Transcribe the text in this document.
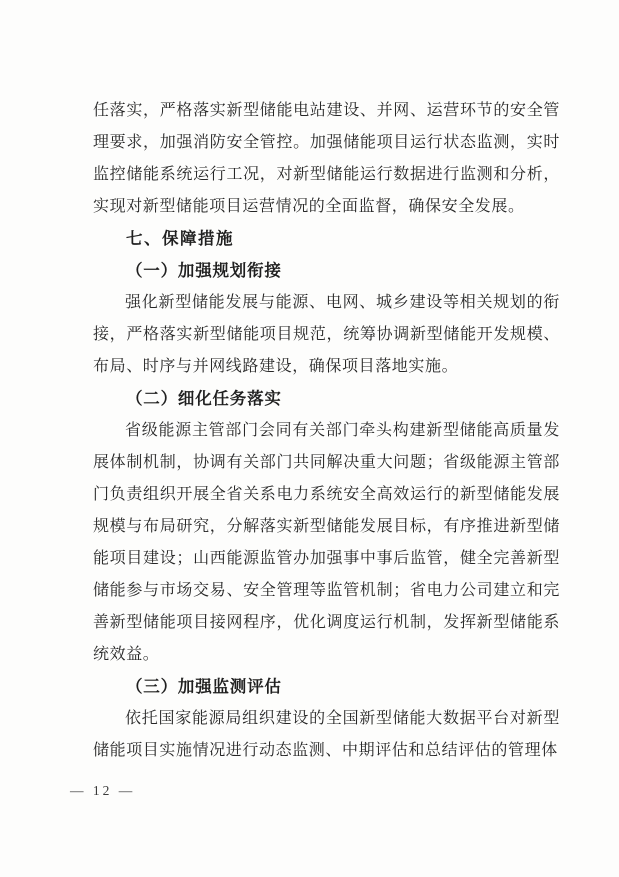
任落实，严格落实新型储能电站建设、并网、运营环节的安全管理要求，加强消防安全管控。加强储能项目运行状态监测，实时监控储能系统运行工况，对新型储能运行数据进行监测和分析，实现对新型储能项目运营情况的全面监督，确保安全发展。

七、保障措施
（一）加强规划衔接

强化新型储能发展与能源、电网、城乡建设等相关规划的衔接，严格落实新型储能项目规范，统筹协调新型储能开发规模、布局、时序与并网线路建设，确保项目落地实施。

（二）细化任务落实

省级能源主管部门会同有关部门牵头构建新型储能高质量发展体制机制，协调有关部门共同解决重大问题；省级能源主管部门负责组织开展全省关系电力系统安全高效运行的新型储能发展规模与布局研究，分解落实新型储能发展目标，有序推进新型储能项目建设；山西能源监管办加强事中事后监管，健全完善新型储能参与市场交易、安全管理等监管机制；省电力公司建立和完善新型储能项目接网程序，优化调度运行机制，发挥新型储能系统效益。

（三）加强监测评估

依托国家能源局组织建设的全国新型储能大数据平台对新型储能项目实施情况进行动态监测、中期评估和总结评估的管理体

— 12 —
